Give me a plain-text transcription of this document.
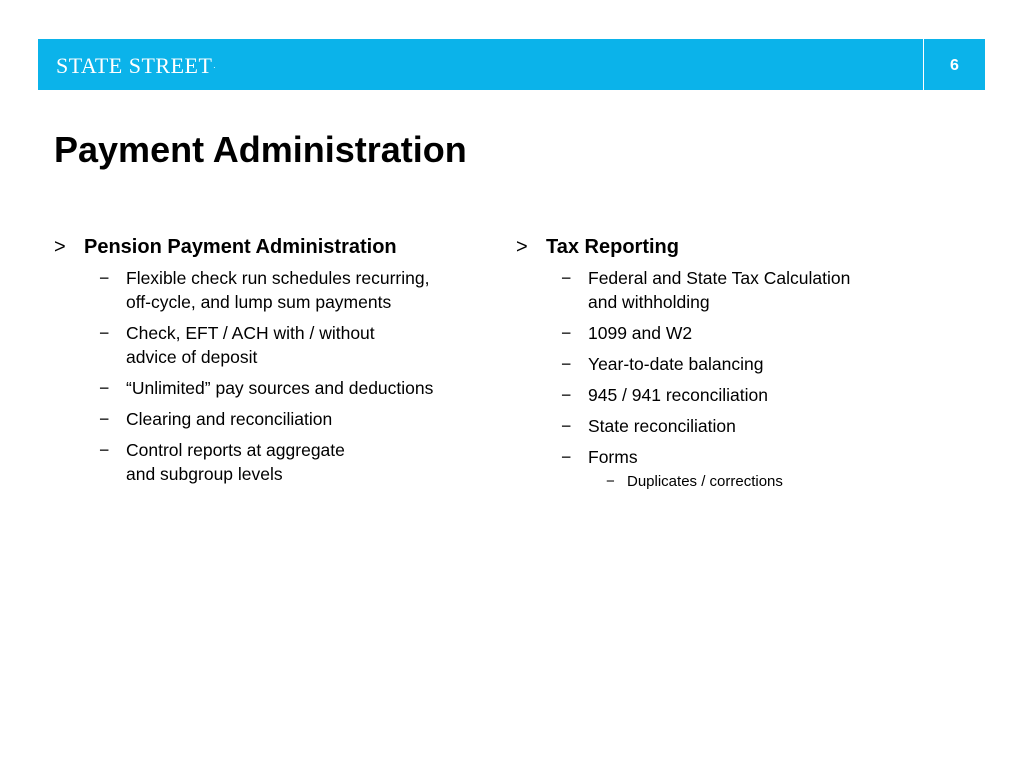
STATE STREET.	6
Payment Administration
> Pension Payment Administration
− Flexible check run schedules recurring,
off-cycle, and lump sum payments
− Check, EFT / ACH with / without
advice of deposit
− “Unlimited” pay sources and deductions
− Clearing and reconciliation
− Control reports at aggregate
and subgroup levels
> Tax Reporting
− Federal and State Tax Calculation
and withholding
− 1099 and W2
− Year-to-date balancing
− 945 / 941 reconciliation
− State reconciliation
− Forms
− Duplicates / corrections
